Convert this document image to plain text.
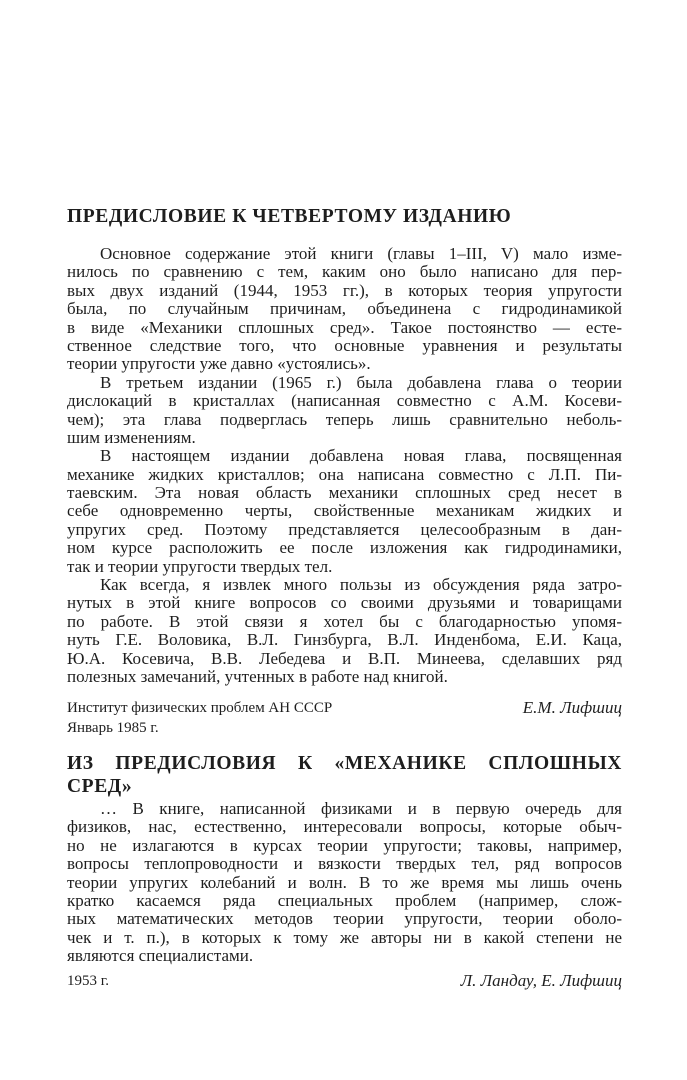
ПРЕДИСЛОВИЕ К ЧЕТВЕРТОМУ ИЗДАНИЮ
Основное содержание этой книги (главы 1–III, V) мало изме-
нилось по сравнению с тем, каким оно было написано для пер-
вых двух изданий (1944, 1953 гг.), в которых теория упругости
была, по случайным причинам, объединена с гидродинамикой
в виде «Механики сплошных сред». Такое постоянство — есте-
ственное следствие того, что основные уравнения и результаты
теории упругости уже давно «устоялись».
В третьем издании (1965 г.) была добавлена глава о теории
дислокаций в кристаллах (написанная совместно с А.М. Косеви-
чем); эта глава подверглась теперь лишь сравнительно неболь-
шим изменениям.
В настоящем издании добавлена новая глава, посвященная
механике жидких кристаллов; она написана совместно с Л.П. Пи-
таевским. Эта новая область механики сплошных сред несет в
себе одновременно черты, свойственные механикам жидких и
упругих сред. Поэтому представляется целесообразным в дан-
ном курсе расположить ее после изложения как гидродинамики,
так и теории упругости твердых тел.
Как всегда, я извлек много пользы из обсуждения ряда затро-
нутых в этой книге вопросов со своими друзьями и товарищами
по работе. В этой связи я хотел бы с благодарностью упомя-
нуть Г.Е. Воловика, В.Л. Гинзбурга, В.Л. Инденбома, Е.И. Каца,
Ю.А. Косевича, В.В. Лебедева и В.П. Минеева, сделавших ряд
полезных замечаний, учтенных в работе над книгой.
Институт физических проблем АН СССР	Е.М. Лифшиц
Январь 1985 г.
ИЗ ПРЕДИСЛОВИЯ К «МЕХАНИКЕ СПЛОШНЫХ
СРЕД»
… В книге, написанной физиками и в первую очередь для
физиков, нас, естественно, интересовали вопросы, которые обыч-
но не излагаются в курсах теории упругости; таковы, например,
вопросы теплопроводности и вязкости твердых тел, ряд вопросов
теории упругих колебаний и волн. В то же время мы лишь очень
кратко касаемся ряда специальных проблем (например, слож-
ных математических методов теории упругости, теории оболо-
чек и т. п.), в которых к тому же авторы ни в какой степени не
являются специалистами.
1953 г.	Л. Ландау, Е. Лифшиц
